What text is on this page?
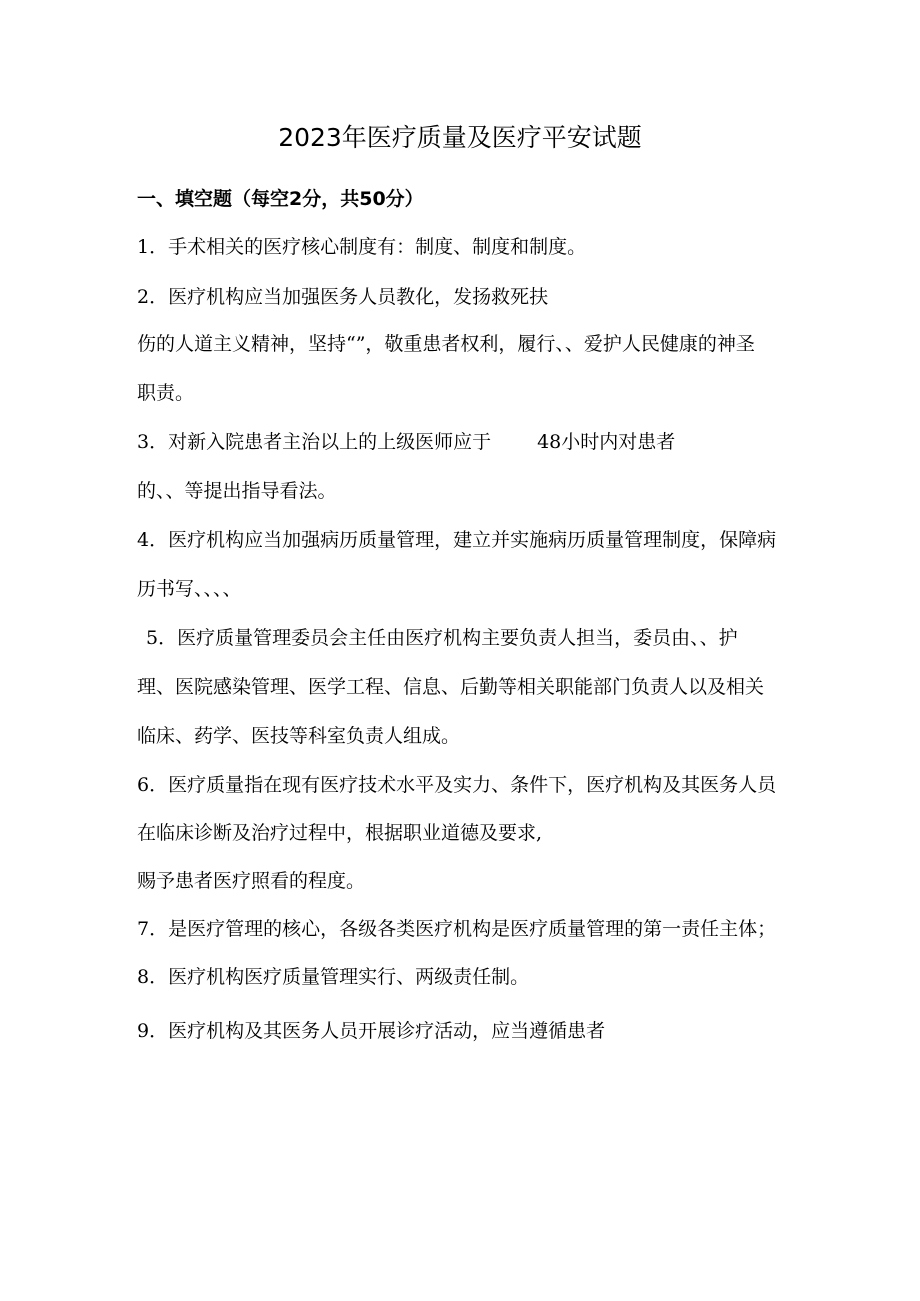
2023年医疗质量及医疗平安试题
一、填空题（每空2分，共50分）

1．手术相关的医疗核心制度有：制度、制度和制度。

2．医疗机构应当加强医务人员教化，发扬救死扶

伤的人道主义精神，坚持“”，敬重患者权利，履行、、爱护人民健康的神圣

职责。

3．对新入院患者主治以上的上级医师应于 48小时内对患者

的、、等提出指导看法。

4．医疗机构应当加强病历质量管理，建立并实施病历质量管理制度，保障病

历书写、、、、

5．医疗质量管理委员会主任由医疗机构主要负责人担当，委员由、、护

理、医院感染管理、医学工程、信息、后勤等相关职能部门负责人以及相关

临床、药学、医技等科室负责人组成。

6．医疗质量指在现有医疗技术水平及实力、条件下，医疗机构及其医务人员

在临床诊断及治疗过程中，根据职业道德及要求,

赐予患者医疗照看的程度。

7．是医疗管理的核心，各级各类医疗机构是医疗质量管理的第一责任主体；

8．医疗机构医疗质量管理实行、两级责任制。

9．医疗机构及其医务人员开展诊疗活动，应当遵循患者
